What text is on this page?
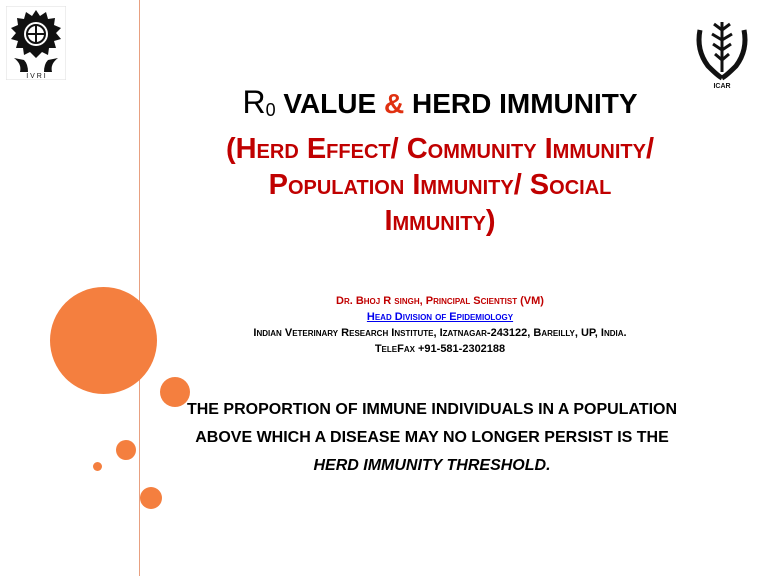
I V R I
ICAR
$R_0$ VALUE & HERD IMMUNITY
(Herd Effect/ Community Immunity/
Population Immunity/ Social
Immunity)
Dr. Bhoj R singh, Principal Scientist (VM)
Head Division of Epidemiology
Indian Veterinary Research Institute, Izatnagar-243122, Bareilly, UP, India.
TeleFax +91-581-2302188
THE PROPORTION OF IMMUNE INDIVIDUALS IN A POPULATION
ABOVE WHICH A DISEASE MAY NO LONGER PERSIST IS THE
HERD IMMUNITY THRESHOLD.
